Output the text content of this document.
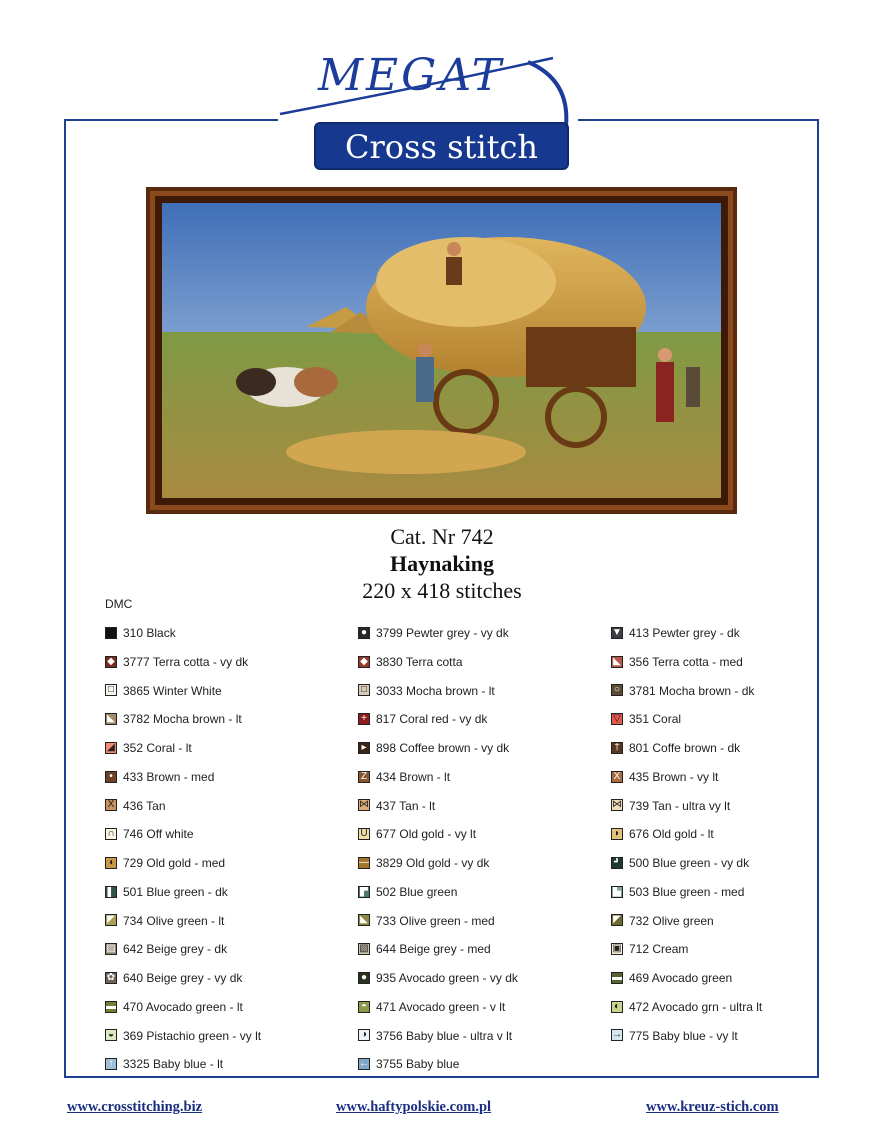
MEGAT
Cross stitch
Cat. Nr 742
Haynaking
220 x 418 stitches
DMC
310 Black	● 3799 Pewter grey - vy dk	▼ 413 Pewter grey - dk
◆ 3777 Terra cotta - vy dk	◆ 3830 Terra cotta	◣ 356 Terra cotta - med
□ 3865 Winter White	□ 3033 Mocha brown - lt	○ 3781 Mocha brown - dk
◣ 3782 Mocha brown - lt	+ 817 Coral red - vy dk	▽ 351 Coral
◢ 352 Coral - lt	▸ 898 Coffee brown - vy dk	† 801 Coffe brown - dk
• 433 Brown - med	Z 434 Brown - lt	X 435 Brown - vy lt
X 436 Tan	⋈ 437 Tan - lt	⋈ 739 Tan - ultra vy lt
∩ 746 Off white	U 677 Old gold - vy lt	◗ 676 Old gold - lt
◖ 729 Old gold - med	— 3829 Old gold - vy dk	┛ 500 Blue green - vy dk
▌ 501 Blue green - dk	▛ 502 Blue green	▙ 503 Blue green - med
◤ 734 Olive green - lt	◣ 733 Olive green - med	◤ 732 Olive green
▨ 642 Beige grey - dk	▧ 644 Beige grey - med	▣ 712 Cream
✿ 640 Beige grey - vy dk	● 935 Avocado green - vy dk	▬ 469 Avocado green
▬ 470 Avocado green - lt	◓ 471 Avocado green - v lt	◐ 472 Avocado grn - ultra lt
◒ 369 Pistachio green - vy lt	◑ 3756 Baby blue - ultra v lt	→ 775 Baby blue - vy lt
↑ 3325 Baby blue - lt	← 3755 Baby blue
www.crosstitching.biz	www.haftypolskie.com.pl	www.kreuz-stich.com
